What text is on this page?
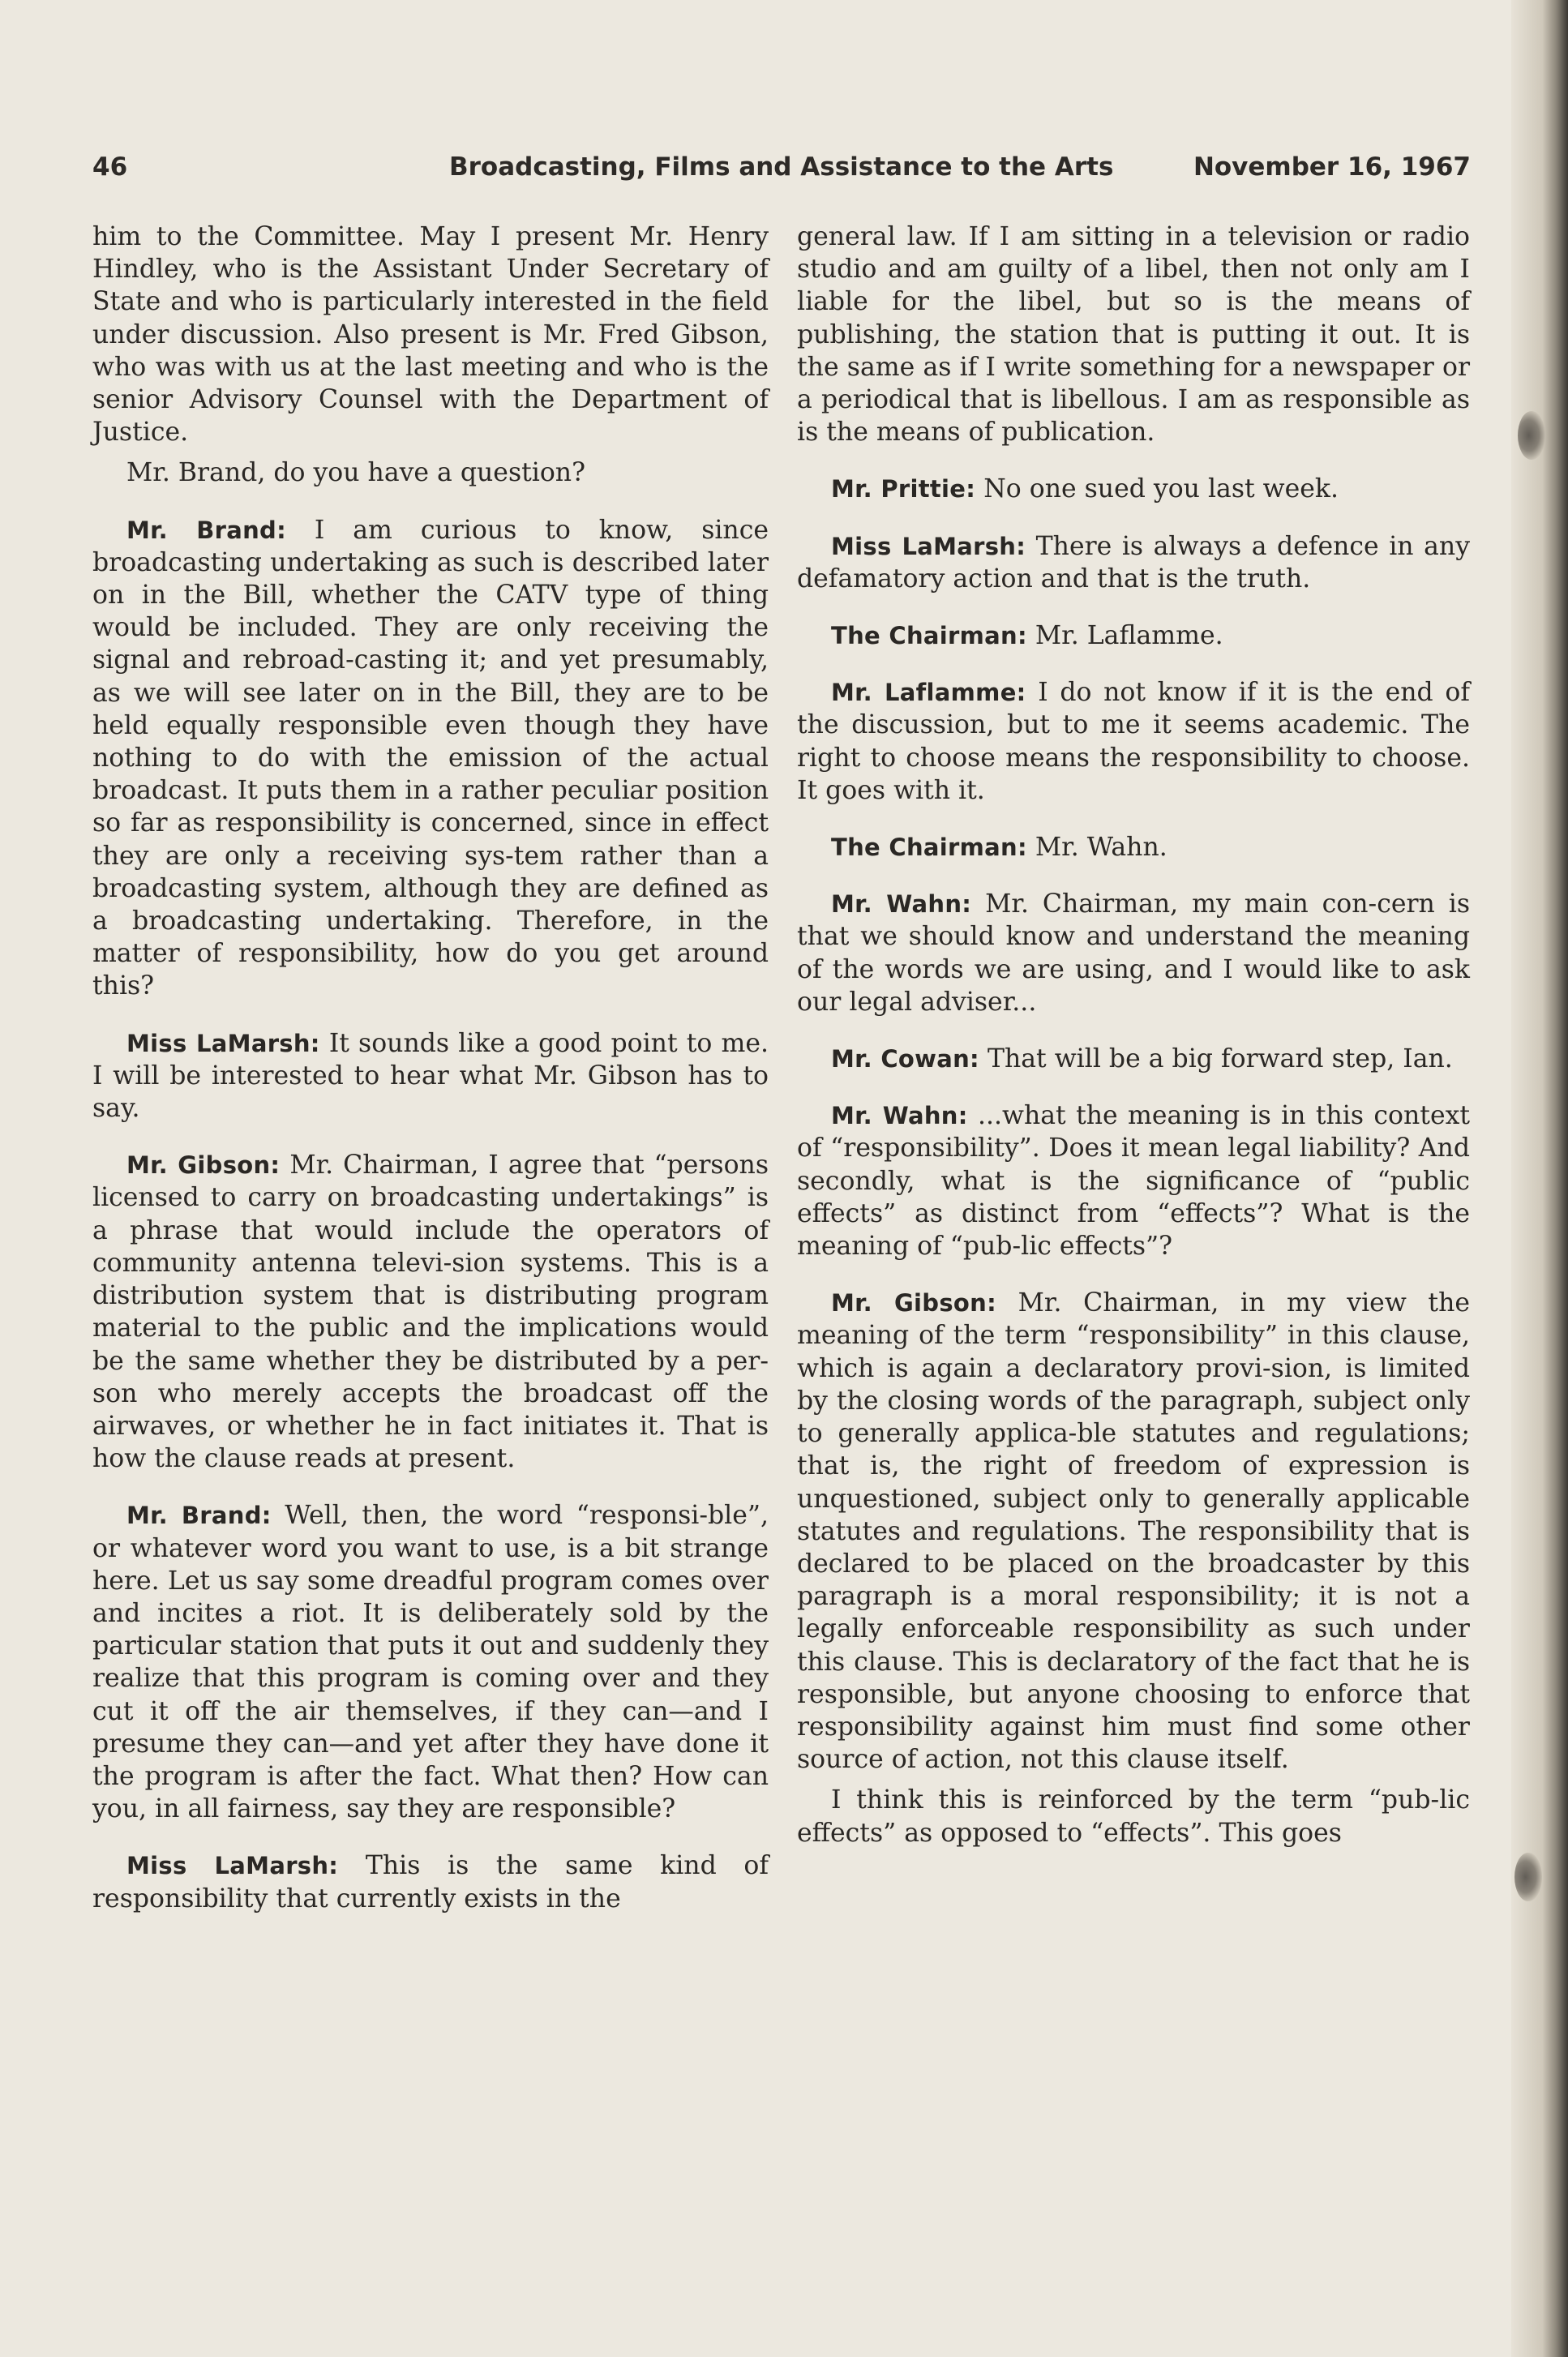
46	Broadcasting, Films and Assistance to the Arts	November 16, 1967

him to the Committee. May I present Mr. Henry Hindley, who is the Assistant Under Secretary of State and who is particularly interested in the field under discussion. Also present is Mr. Fred Gibson, who was with us at the last meeting and who is the senior Advisory Counsel with the Department of Justice.

Mr. Brand, do you have a question?

Mr. Brand: I am curious to know, since broadcasting undertaking as such is described later on in the Bill, whether the CATV type of thing would be included. They are only receiving the signal and rebroad-casting it; and yet presumably, as we will see later on in the Bill, they are to be held equally responsible even though they have nothing to do with the emission of the actual broadcast. It puts them in a rather peculiar position so far as responsibility is concerned, since in effect they are only a receiving sys-tem rather than a broadcasting system, although they are defined as a broadcasting undertaking. Therefore, in the matter of responsibility, how do you get around this?

Miss LaMarsh: It sounds like a good point to me. I will be interested to hear what Mr. Gibson has to say.

Mr. Gibson: Mr. Chairman, I agree that “persons licensed to carry on broadcasting undertakings” is a phrase that would include the operators of community antenna televi-sion systems. This is a distribution system that is distributing program material to the public and the implications would be the same whether they be distributed by a per-son who merely accepts the broadcast off the airwaves, or whether he in fact initiates it. That is how the clause reads at present.

Mr. Brand: Well, then, the word “responsi-ble”, or whatever word you want to use, is a bit strange here. Let us say some dreadful program comes over and incites a riot. It is deliberately sold by the particular station that puts it out and suddenly they realize that this program is coming over and they cut it off the air themselves, if they can—and I presume they can—and yet after they have done it the program is after the fact. What then? How can you, in all fairness, say they are responsible?

Miss LaMarsh: This is the same kind of responsibility that currently exists in the

general law. If I am sitting in a television or radio studio and am guilty of a libel, then not only am I liable for the libel, but so is the means of publishing, the station that is putting it out. It is the same as if I write something for a newspaper or a periodical that is libellous. I am as responsible as is the means of publication.

Mr. Prittie: No one sued you last week.

Miss LaMarsh: There is always a defence in any defamatory action and that is the truth.

The Chairman: Mr. Laflamme.

Mr. Laflamme: I do not know if it is the end of the discussion, but to me it seems academic. The right to choose means the responsibility to choose. It goes with it.

The Chairman: Mr. Wahn.

Mr. Wahn: Mr. Chairman, my main con-cern is that we should know and understand the meaning of the words we are using, and I would like to ask our legal adviser...

Mr. Cowan: That will be a big forward step, Ian.

Mr. Wahn: ...what the meaning is in this context of “responsibility”. Does it mean legal liability? And secondly, what is the significance of “public effects” as distinct from “effects”? What is the meaning of “pub-lic effects”?

Mr. Gibson: Mr. Chairman, in my view the meaning of the term “responsibility” in this clause, which is again a declaratory provi-sion, is limited by the closing words of the paragraph, subject only to generally applica-ble statutes and regulations; that is, the right of freedom of expression is unquestioned, subject only to generally applicable statutes and regulations. The responsibility that is declared to be placed on the broadcaster by this paragraph is a moral responsibility; it is not a legally enforceable responsibility as such under this clause. This is declaratory of the fact that he is responsible, but anyone choosing to enforce that responsibility against him must find some other source of action, not this clause itself.

I think this is reinforced by the term “pub-lic effects” as opposed to “effects”. This goes
